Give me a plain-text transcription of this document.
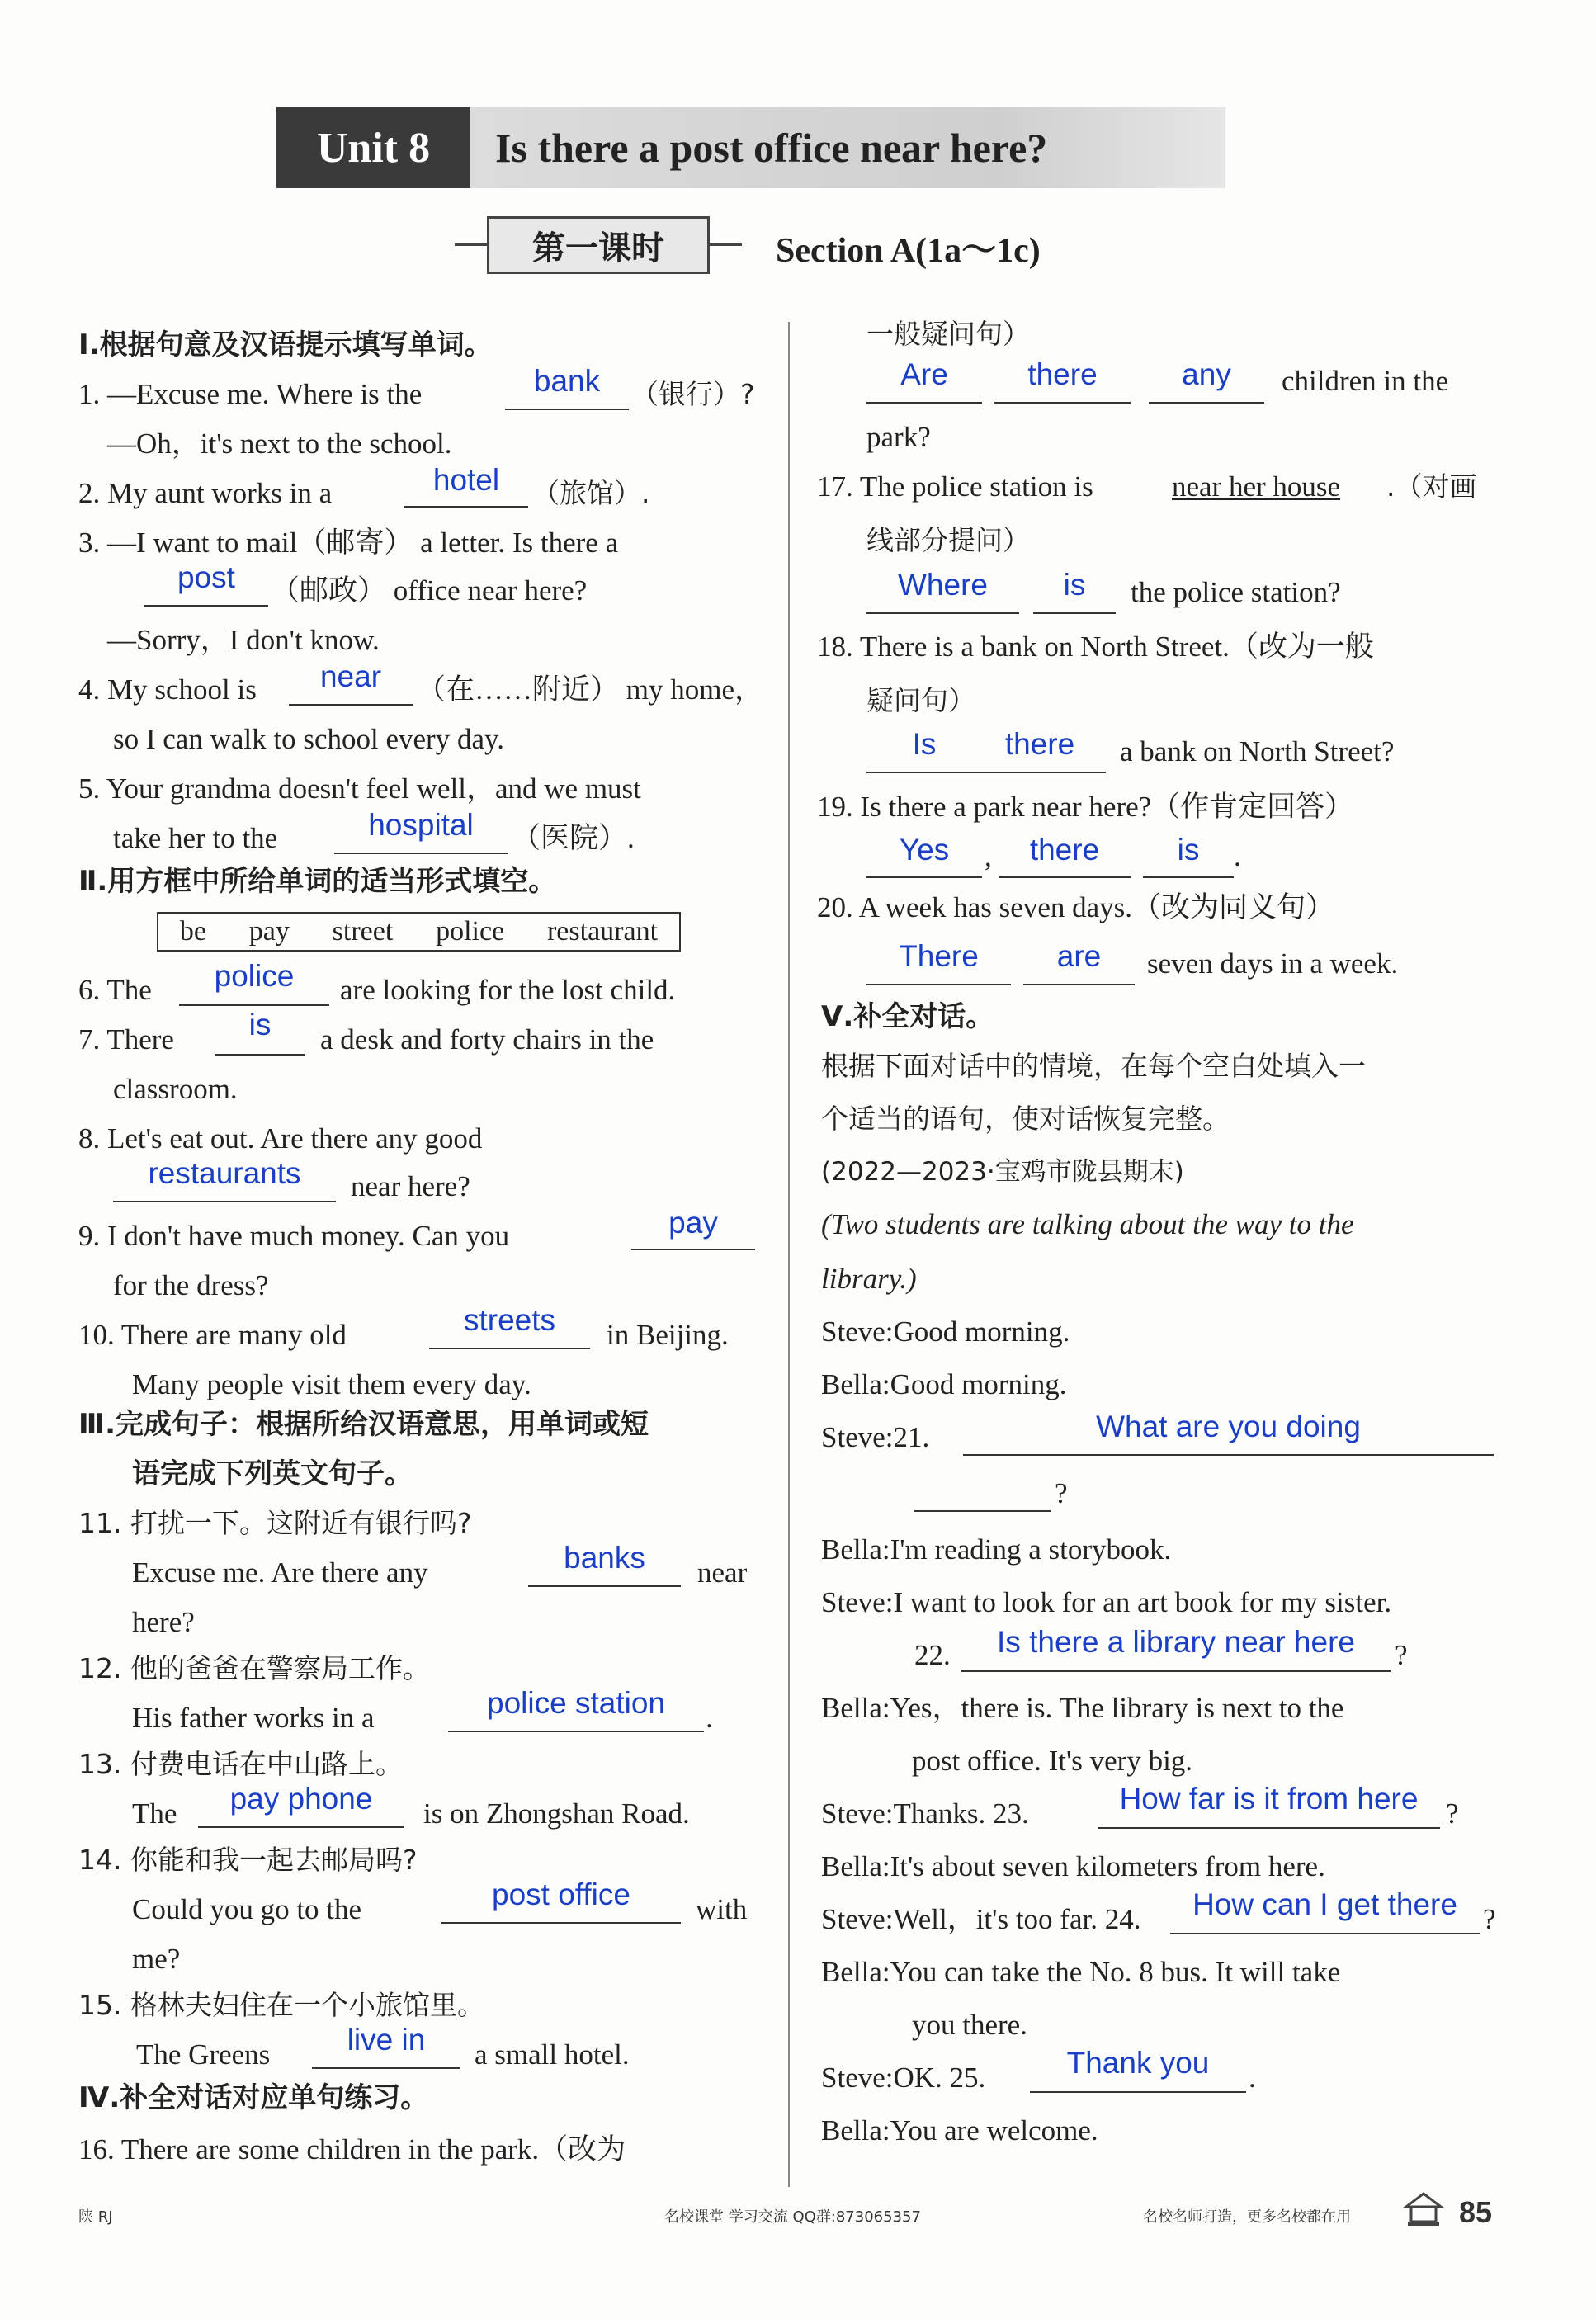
Unit 8	Is there a post office near here?
第一课时	Section A(1a～1c)
Ⅰ.根据句意及汉语提示填写单词。
1. —Excuse me. Where is the	bank	（银行）?
—Oh，it's next to the school.
2. My aunt works in a	hotel	（旅馆）.
3. —I want to mail（邮寄） a letter. Is there a
post	（邮政） office near here?
—Sorry，I don't know.
4. My school is	near	（在……附近） my home，
so I can walk to school every day.
5. Your grandma doesn't feel well，and we must
take her to the	hospital	（医院）.
Ⅱ.用方框中所给单词的适当形式填空。
be pay street police restaurant
6. The	police	are looking for the lost child.
7. There	is	a desk and forty chairs in the
classroom.
8. Let's eat out. Are there any good
restaurants	near here?
9. I don't have much money. Can you	pay
for the dress?
10. There are many old	streets	in Beijing.
Many people visit them every day.
Ⅲ.完成句子：根据所给汉语意思，用单词或短
语完成下列英文句子。
11. 打扰一下。这附近有银行吗?
Excuse me. Are there any	banks	near
here?
12. 他的爸爸在警察局工作。
His father works in a	police station	.
13. 付费电话在中山路上。
The	pay phone	is on Zhongshan Road.
14. 你能和我一起去邮局吗?
Could you go to the	post office	with
me?
15. 格林夫妇住在一个小旅馆里。
The Greens	live in	a small hotel.
Ⅳ.补全对话对应单句练习。
16. There are some children in the park.（改为
一般疑问句）
Are	there	any	children in the
park?
17. The police station is	near her house .（对画
线部分提问）
Where	is	the police station?
18. There is a bank on North Street.（改为一般
疑问句）
Is	there	a bank on North Street?
19. Is there a park near here?（作肯定回答）
Yes	,	there	is	.
20. A week has seven days.（改为同义句）
There	are	seven days in a week.
Ⅴ.补全对话。
根据下面对话中的情境，在每个空白处填入一
个适当的语句，使对话恢复完整。
(2022—2023·宝鸡市陇县期末)
(Two students are talking about the way to the
library.)
Steve:Good morning.
Bella:Good morning.
Steve:21.	What are you doing
?
Bella:I'm reading a storybook.
Steve:I want to look for an art book for my sister.
22.	Is there a library near here	?
Bella:Yes，there is. The library is next to the
post office. It's very big.
Steve:Thanks. 23.	How far is it from here ?
Bella:It's about seven kilometers from here.
Steve:Well，it's too far. 24.	How can I get there ?
Bella:You can take the No. 8 bus. It will take
you there.
Steve:OK. 25.	Thank you	.
Bella:You are welcome.
陕 RJ	名校课堂 学习交流 QQ群:873065357	名校名师打造，更多名校都在用	85
